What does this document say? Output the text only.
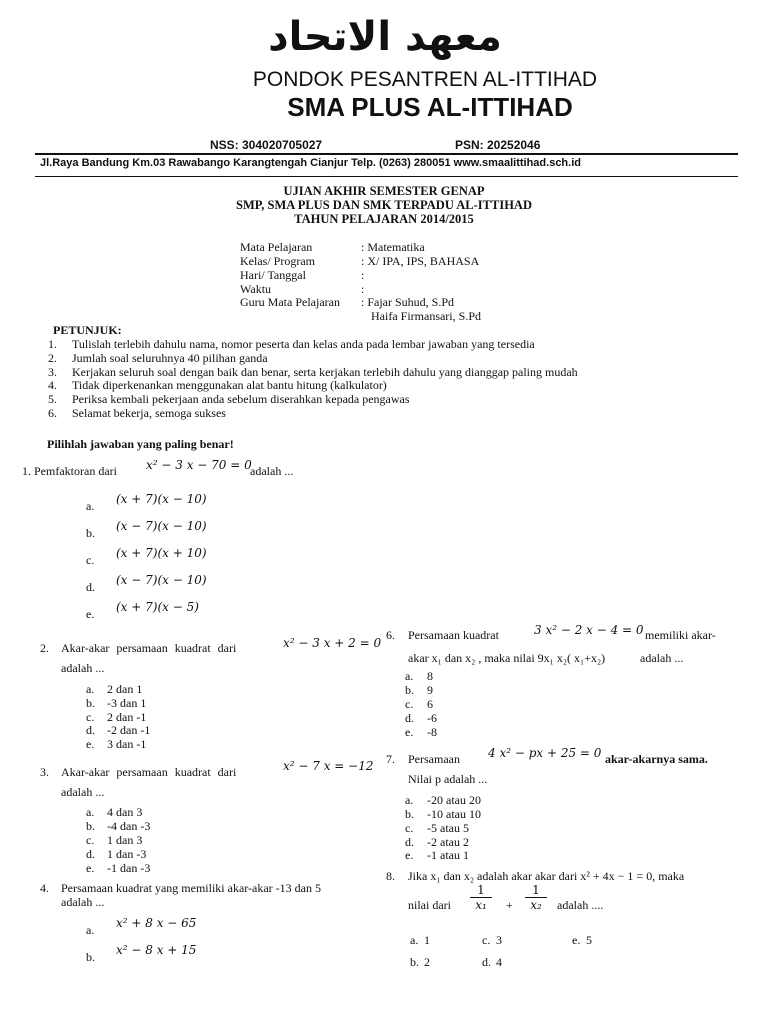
معهد الاتحاد
PONDOK PESANTREN AL-ITTIHAD
SMA PLUS AL-ITTIHAD
NSS: 304020705027	PSN: 20252046
Jl.Raya Bandung Km.03 Rawabango Karangtengah Cianjur Telp. (0263) 280051 www.smaalittihad.sch.id
UJIAN AKHIR SEMESTER GENAP
SMP, SMA PLUS DAN SMK TERPADU AL-ITTIHAD
TAHUN PELAJARAN 2014/2015
Mata Pelajaran	: Matematika
Kelas/ Program	: X/ IPA, IPS, BAHASA
Hari/ Tanggal	:
Waktu	:
Guru Mata Pelajaran : Fajar Suhud, S.Pd
Haifa Firmansari, S.Pd
PETUNJUK:
1. Tulislah terlebih dahulu nama, nomor peserta dan kelas anda pada lembar jawaban yang tersedia
2. Jumlah soal seluruhnya 40 pilihan ganda
3. Kerjakan seluruh soal dengan baik dan benar, serta kerjakan terlebih dahulu yang dianggap paling mudah
4. Tidak diperkenankan menggunakan alat bantu hitung (kalkulator)
5. Periksa kembali pekerjaan anda sebelum diserahkan kepada pengawas
6. Selamat bekerja, semoga sukses
Pilihlah jawaban yang paling benar!
1. Pemfaktoran dari x² − 3 x − 70 = 0
adalah ...
a. (x + 7)(x − 10)
b. (x − 7)(x − 10)
c. (x + 7)(x + 10)
d. (x − 7)(x − 10)
e. (x + 7)(x − 5)
2. Akar-akar persamaan kuadrat dari	x² − 3 x + 2 = 0
adalah ...
a. 2 dan 1
b. -3 dan 1
c. 2 dan -1
d. -2 dan -1
e. 3 dan -1
3. Akar-akar persamaan kuadrat dari	x² − 7 x = −12
adalah ...
a. 4 dan 3
b. -4 dan -3
c. 1 dan 3
d. 1 dan -3
e. -1 dan -3
4. Persamaan kuadrat yang memiliki akar-akar -13 dan 5
adalah ...
a. x² + 8 x − 65
b. x² − 8 x + 15
6. Persamaan kuadrat	3 x² − 2 x − 4 = 0 memiliki akar-
akar x₁ dan x₂ , maka nilai 9x₁ x₂( x₁+x₂)	adalah ...
a. 8
b. 9
c. 6
d. -6
e. -8
7. Persamaan 4 x² − px + 25 = 0 akar-akarnya sama.
Nilai p adalah ...
a. -20 atau 20
b. -10 atau 10
c. -5 atau 5
d. -2 atau 2
e. -1 atau 1
8. Jika x₁ dan x₂ adalah akar akar dari x² + 4x − 1 = 0, maka
nilai dari $\frac{1}{\text{x₁}} + \frac{1}{\text{x₂}}$ adalah ....
a. 1	c. 3	e. 5
b. 2	d. 4
